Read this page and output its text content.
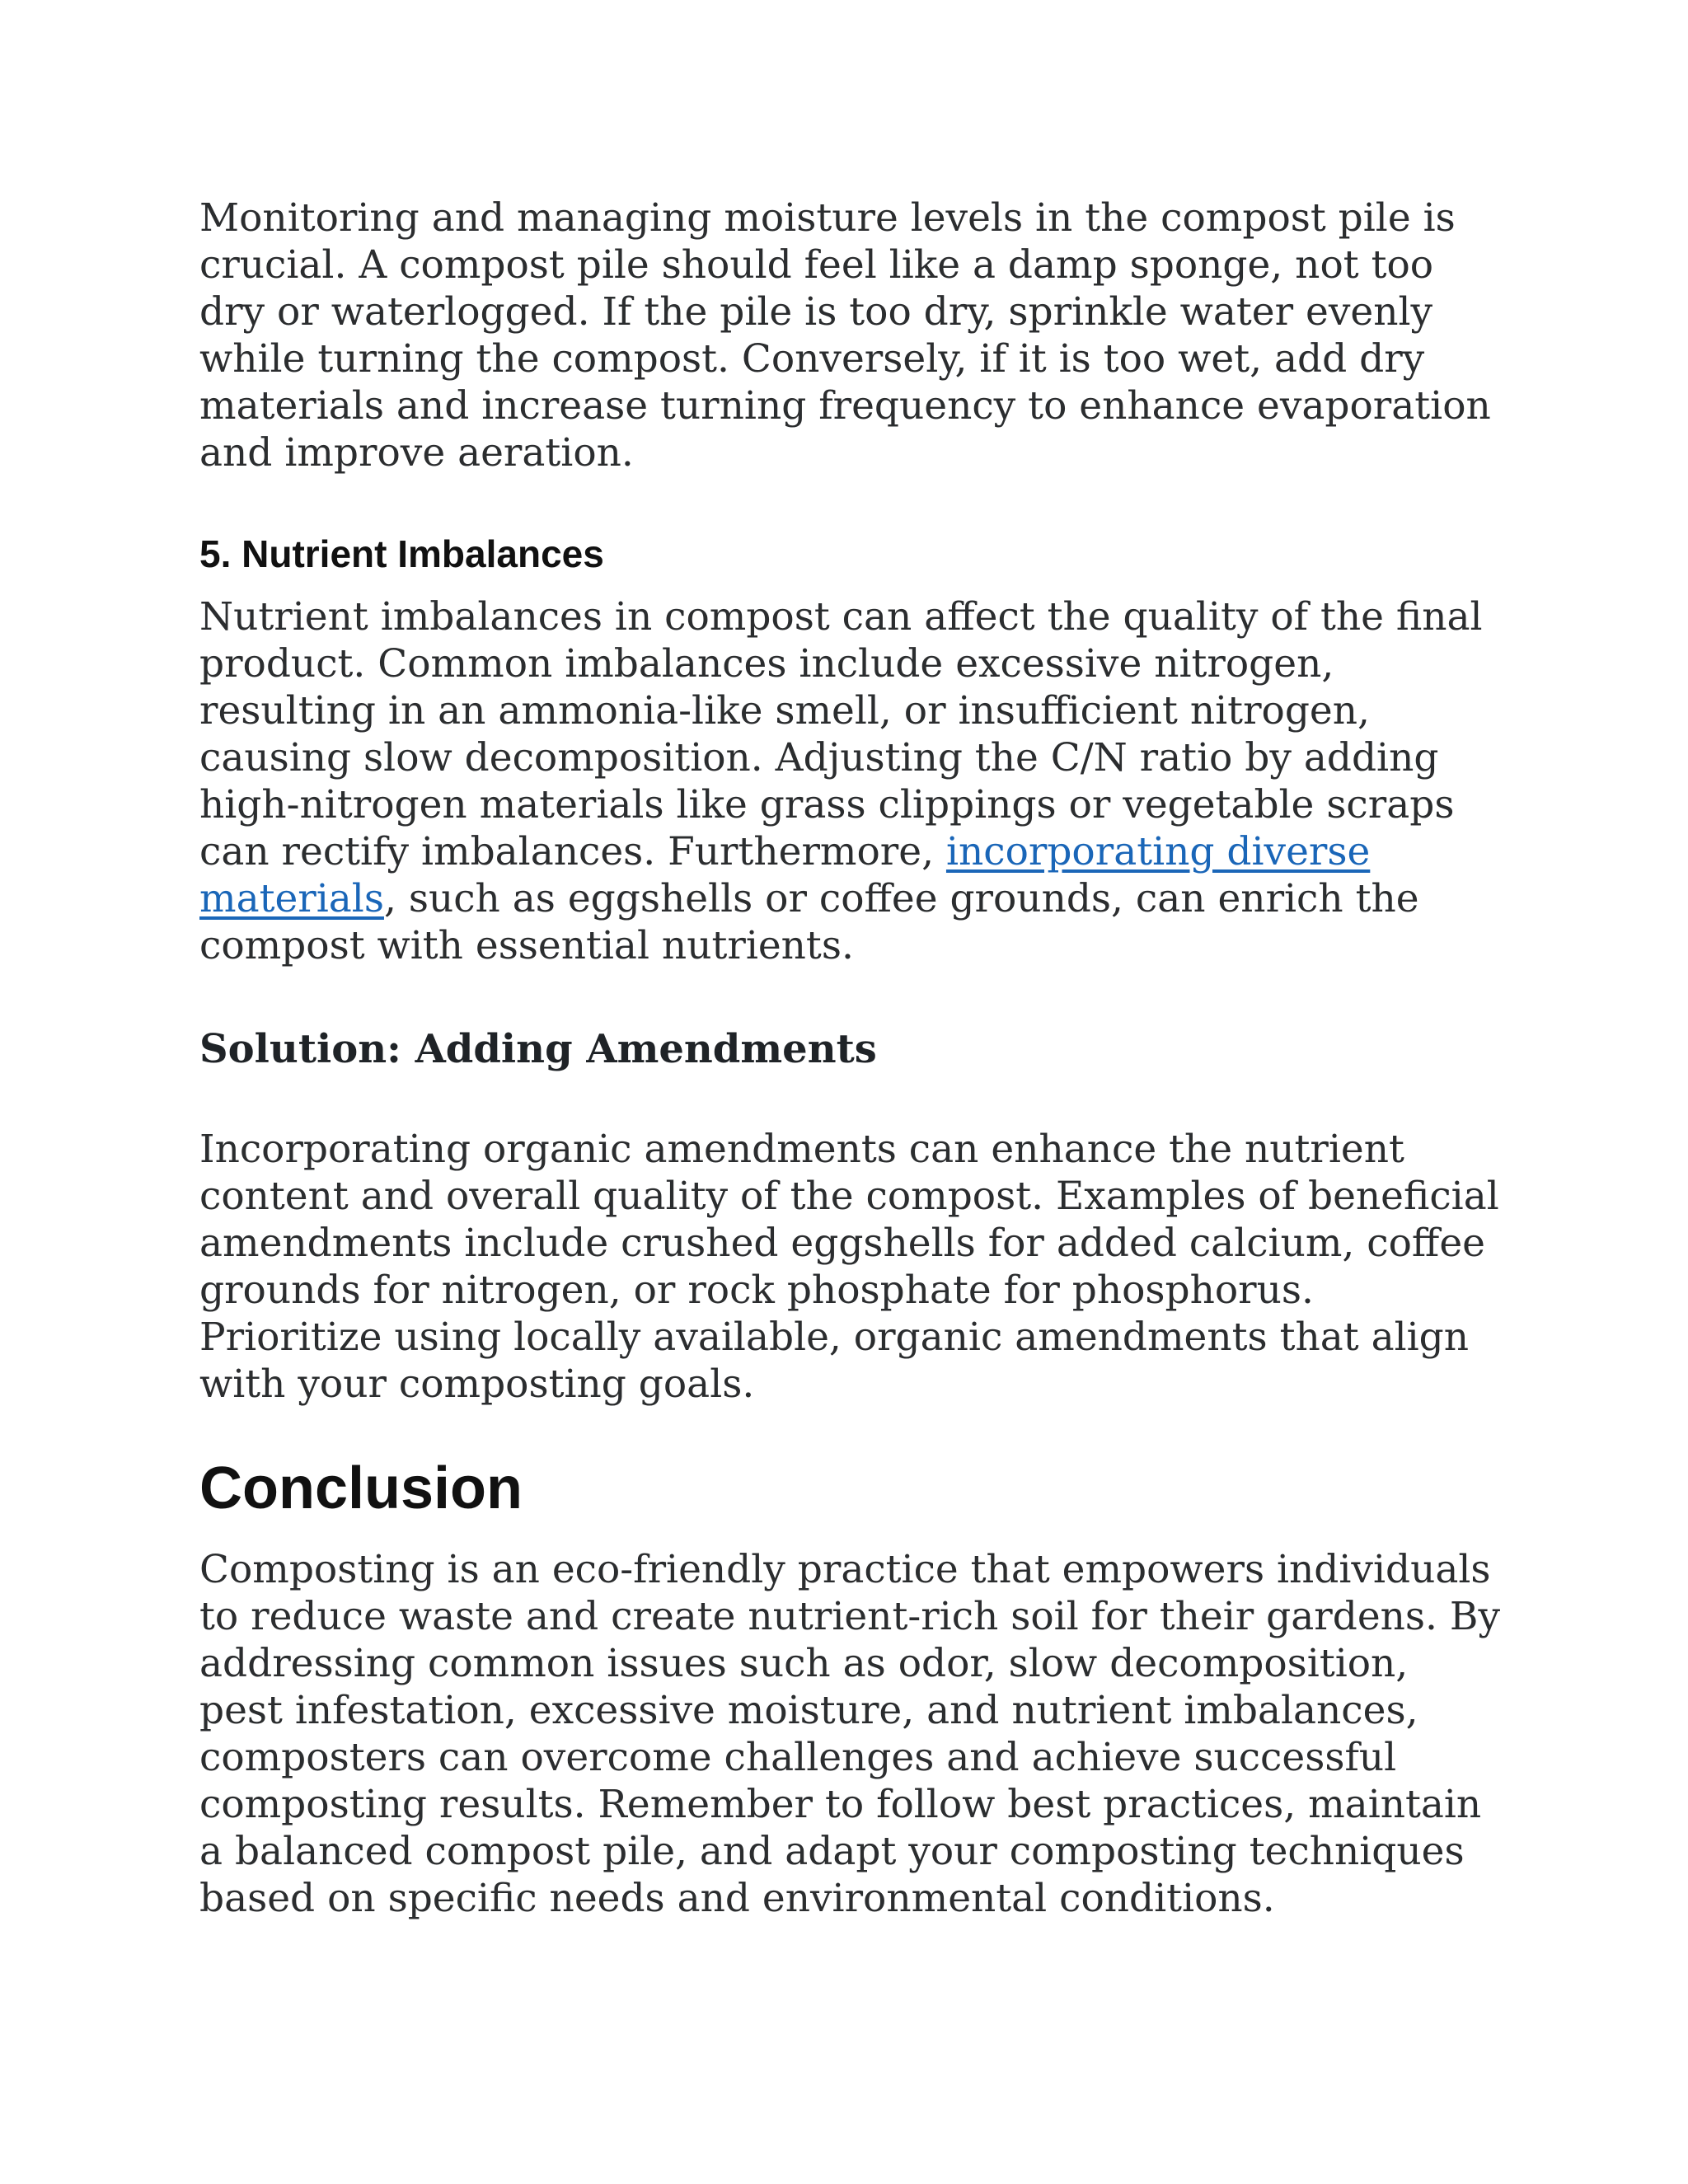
Monitoring and managing moisture levels in the compost pile is crucial. A compost pile should feel like a damp sponge, not too dry or waterlogged. If the pile is too dry, sprinkle water evenly while turning the compost. Conversely, if it is too wet, add dry materials and increase turning frequency to enhance evaporation and improve aeration.

5. Nutrient Imbalances

Nutrient imbalances in compost can affect the quality of the final product. Common imbalances include excessive nitrogen, resulting in an ammonia-like smell, or insufficient nitrogen, causing slow decomposition. Adjusting the C/N ratio by adding high-nitrogen materials like grass clippings or vegetable scraps can rectify imbalances. Furthermore, incorporating diverse materials, such as eggshells or coffee grounds, can enrich the compost with essential nutrients.

Solution: Adding Amendments

Incorporating organic amendments can enhance the nutrient content and overall quality of the compost. Examples of beneficial amendments include crushed eggshells for added calcium, coffee grounds for nitrogen, or rock phosphate for phosphorus. Prioritize using locally available, organic amendments that align with your composting goals.

Conclusion

Composting is an eco-friendly practice that empowers individuals to reduce waste and create nutrient-rich soil for their gardens. By addressing common issues such as odor, slow decomposition, pest infestation, excessive moisture, and nutrient imbalances, composters can overcome challenges and achieve successful composting results. Remember to follow best practices, maintain a balanced compost pile, and adapt your composting techniques based on specific needs and environmental conditions.
